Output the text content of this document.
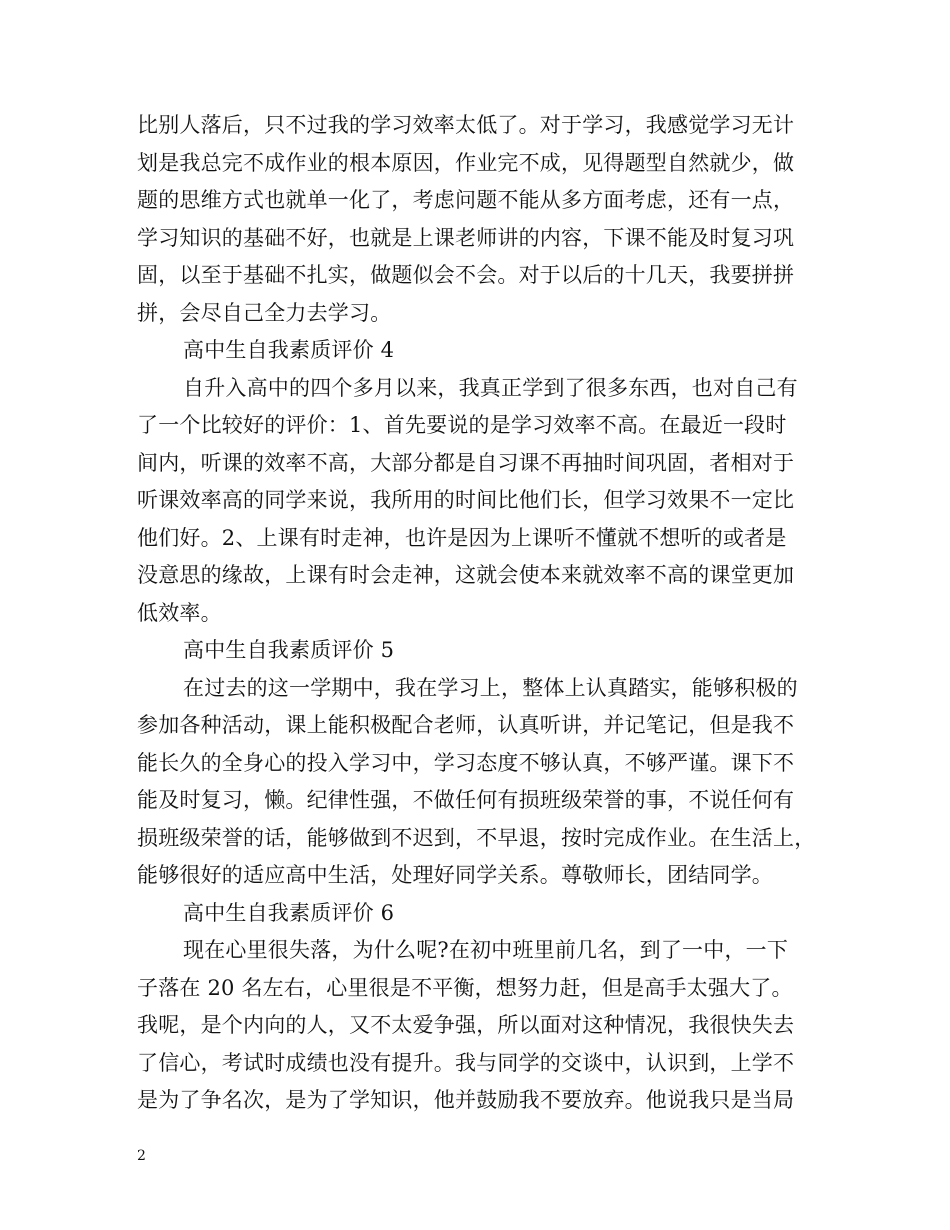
比别人落后，只不过我的学习效率太低了。对于学习，我感觉学习无计
划是我总完不成作业的根本原因，作业完不成，见得题型自然就少，做
题的思维方式也就单一化了，考虑问题不能从多方面考虑，还有一点，
学习知识的基础不好，也就是上课老师讲的内容，下课不能及时复习巩
固，以至于基础不扎实，做题似会不会。对于以后的十几天，我要拼拼
拼，会尽自己全力去学习。
高中生自我素质评价 4
自升入高中的四个多月以来，我真正学到了很多东西，也对自己有
了一个比较好的评价：1、首先要说的是学习效率不高。在最近一段时
间内，听课的效率不高，大部分都是自习课不再抽时间巩固，者相对于
听课效率高的同学来说，我所用的时间比他们长，但学习效果不一定比
他们好。2、上课有时走神，也许是因为上课听不懂就不想听的或者是
没意思的缘故，上课有时会走神，这就会使本来就效率不高的课堂更加
低效率。
高中生自我素质评价 5
在过去的这一学期中，我在学习上，整体上认真踏实，能够积极的
参加各种活动，课上能积极配合老师，认真听讲，并记笔记，但是我不
能长久的全身心的投入学习中，学习态度不够认真，不够严谨。课下不
能及时复习，懒。纪律性强，不做任何有损班级荣誉的事，不说任何有
损班级荣誉的话，能够做到不迟到，不早退，按时完成作业。在生活上，
能够很好的适应高中生活，处理好同学关系。尊敬师长，团结同学。
高中生自我素质评价 6
现在心里很失落，为什么呢?在初中班里前几名，到了一中，一下
子落在 20 名左右，心里很是不平衡，想努力赶，但是高手太强大了。
我呢，是个内向的人，又不太爱争强，所以面对这种情况，我很快失去
了信心，考试时成绩也没有提升。我与同学的交谈中，认识到，上学不
是为了争名次，是为了学知识，他并鼓励我不要放弃。他说我只是当局
2
